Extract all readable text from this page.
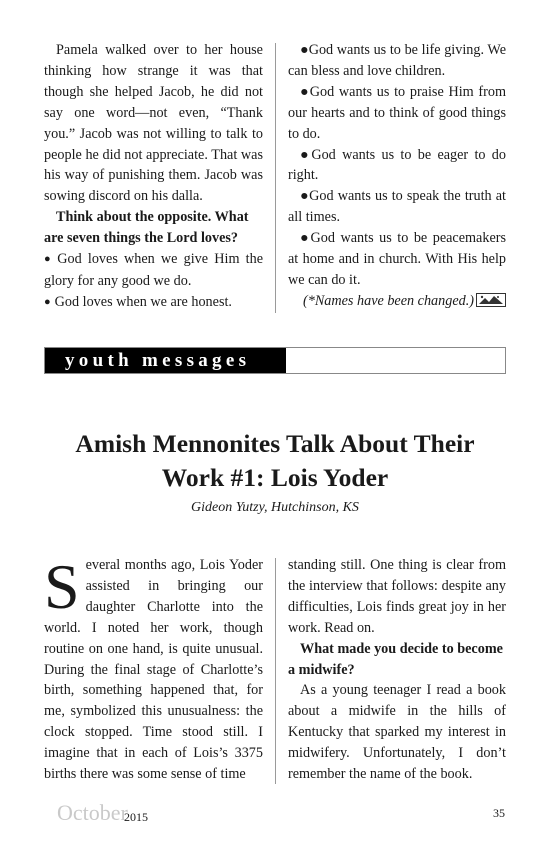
Pamela walked over to her house thinking how strange it was that though she helped Jacob, he did not say one word—not even, “Thank you.” Jacob was not willing to talk to people he did not appreciate. That was his way of punishing them. Jacob was sowing discord on his dalla.

Think about the opposite. What are seven things the Lord loves?

● God loves when we give Him the glory for any good we do.

● God loves when we are honest.

●God wants us to be life giving. We can bless and love children.

●God wants us to praise Him from our hearts and to think of good things to do.

●God wants us to be eager to do right.

●God wants us to speak the truth at all times.

●God wants us to be peacemakers at home and in church. With His help we can do it.

(*Names have been changed.)

youth messages
Amish Mennonites Talk About Their
Work #1: Lois Yoder
Gideon Yutzy, Hutchinson, KS

Several months ago, Lois Yoder assisted in bringing our daughter Charlotte into the world. I noted her work, though routine on one hand, is quite unusual. During the final stage of Charlotte’s birth, something happened that, for me, symbolized this unusualness: the clock stopped. Time stood still. I imagine that in each of Lois’s 3375 births there was some sense of time

standing still. One thing is clear from the interview that follows: despite any difficulties, Lois finds great joy in her work. Read on.

What made you decide to become a midwife?

As a young teenager I read a book about a midwife in the hills of Kentucky that sparked my interest in midwifery. Unfortunately, I don’t remember the name of the book.

October
2015	35
